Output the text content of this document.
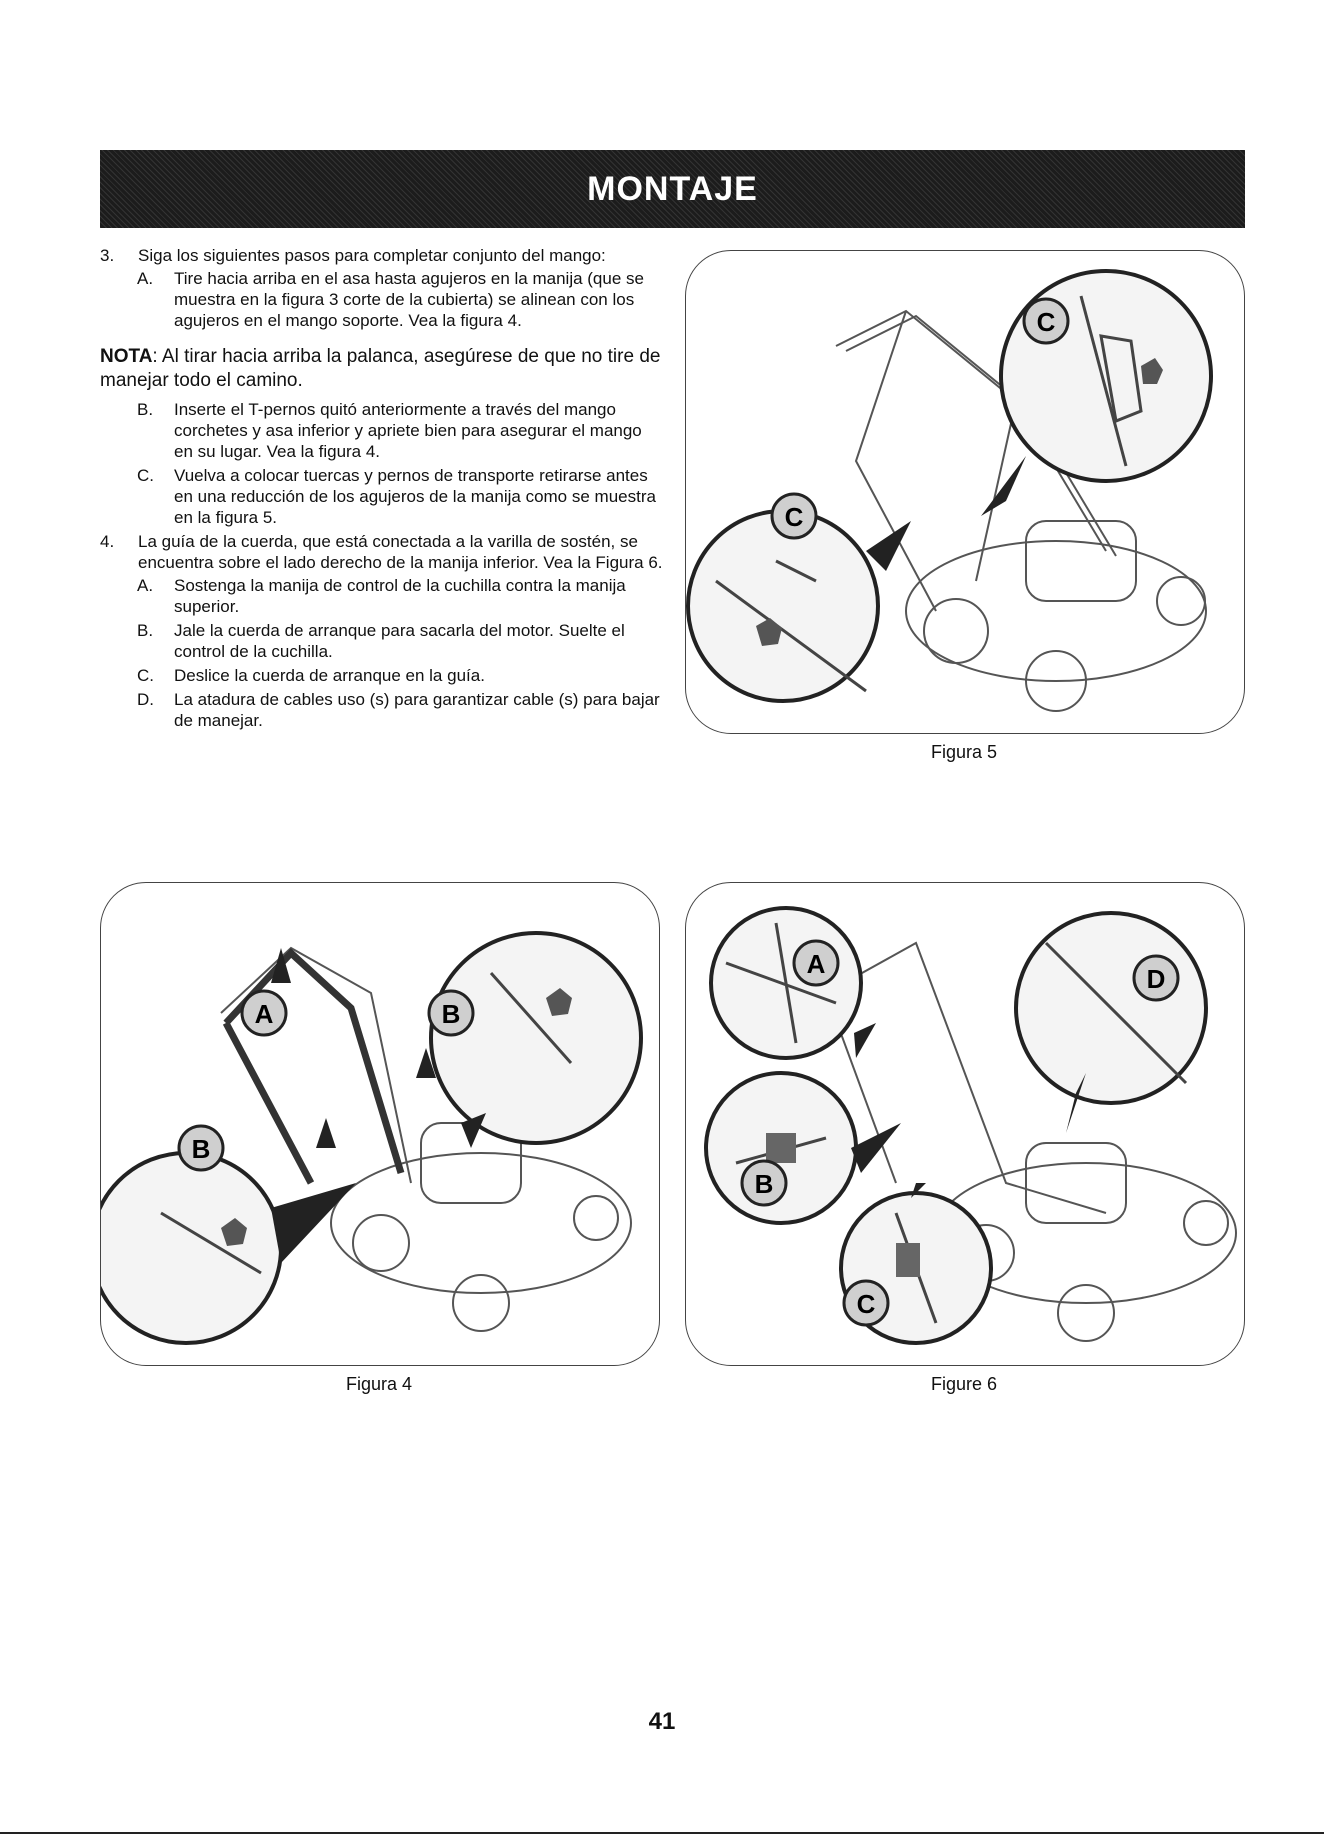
MONTAJE
3. Siga los siguientes pasos para completar conjunto del mango:
A. Tire hacia arriba en el asa hasta agujeros en la manija (que se muestra en la figura 3 corte de la cubierta) se alinean con los agujeros en el mango soporte. Vea la figura 4.
NOTA: Al tirar hacia arriba la palanca, asegúrese de que no tire de manejar todo el camino.
B. Inserte el T-pernos quitó anteriormente a través del mango corchetes y asa inferior y apriete bien para asegurar el mango en su lugar. Vea la figura 4.
C. Vuelva a colocar tuercas y pernos de transporte retirarse antes en una reducción de los agujeros de la manija como se muestra en la figura 5.
4. La guía de la cuerda, que está conectada a la varilla de sostén, se encuentra sobre el lado derecho de la manija inferior. Vea la Figura 6.
A. Sostenga la manija de control de la cuchilla contra la manija superior.
B. Jale la cuerda de arranque para sacarla del motor. Suelte el control de la cuchilla.
C. Deslice la cuerda de arranque en la guía.
D. La atadura de cables uso (s) para garantizar cable (s) para bajar de manejar.
C
C
Figura 5
A	B
B
Figura 4
A	D
B
C
Figure 6
41
